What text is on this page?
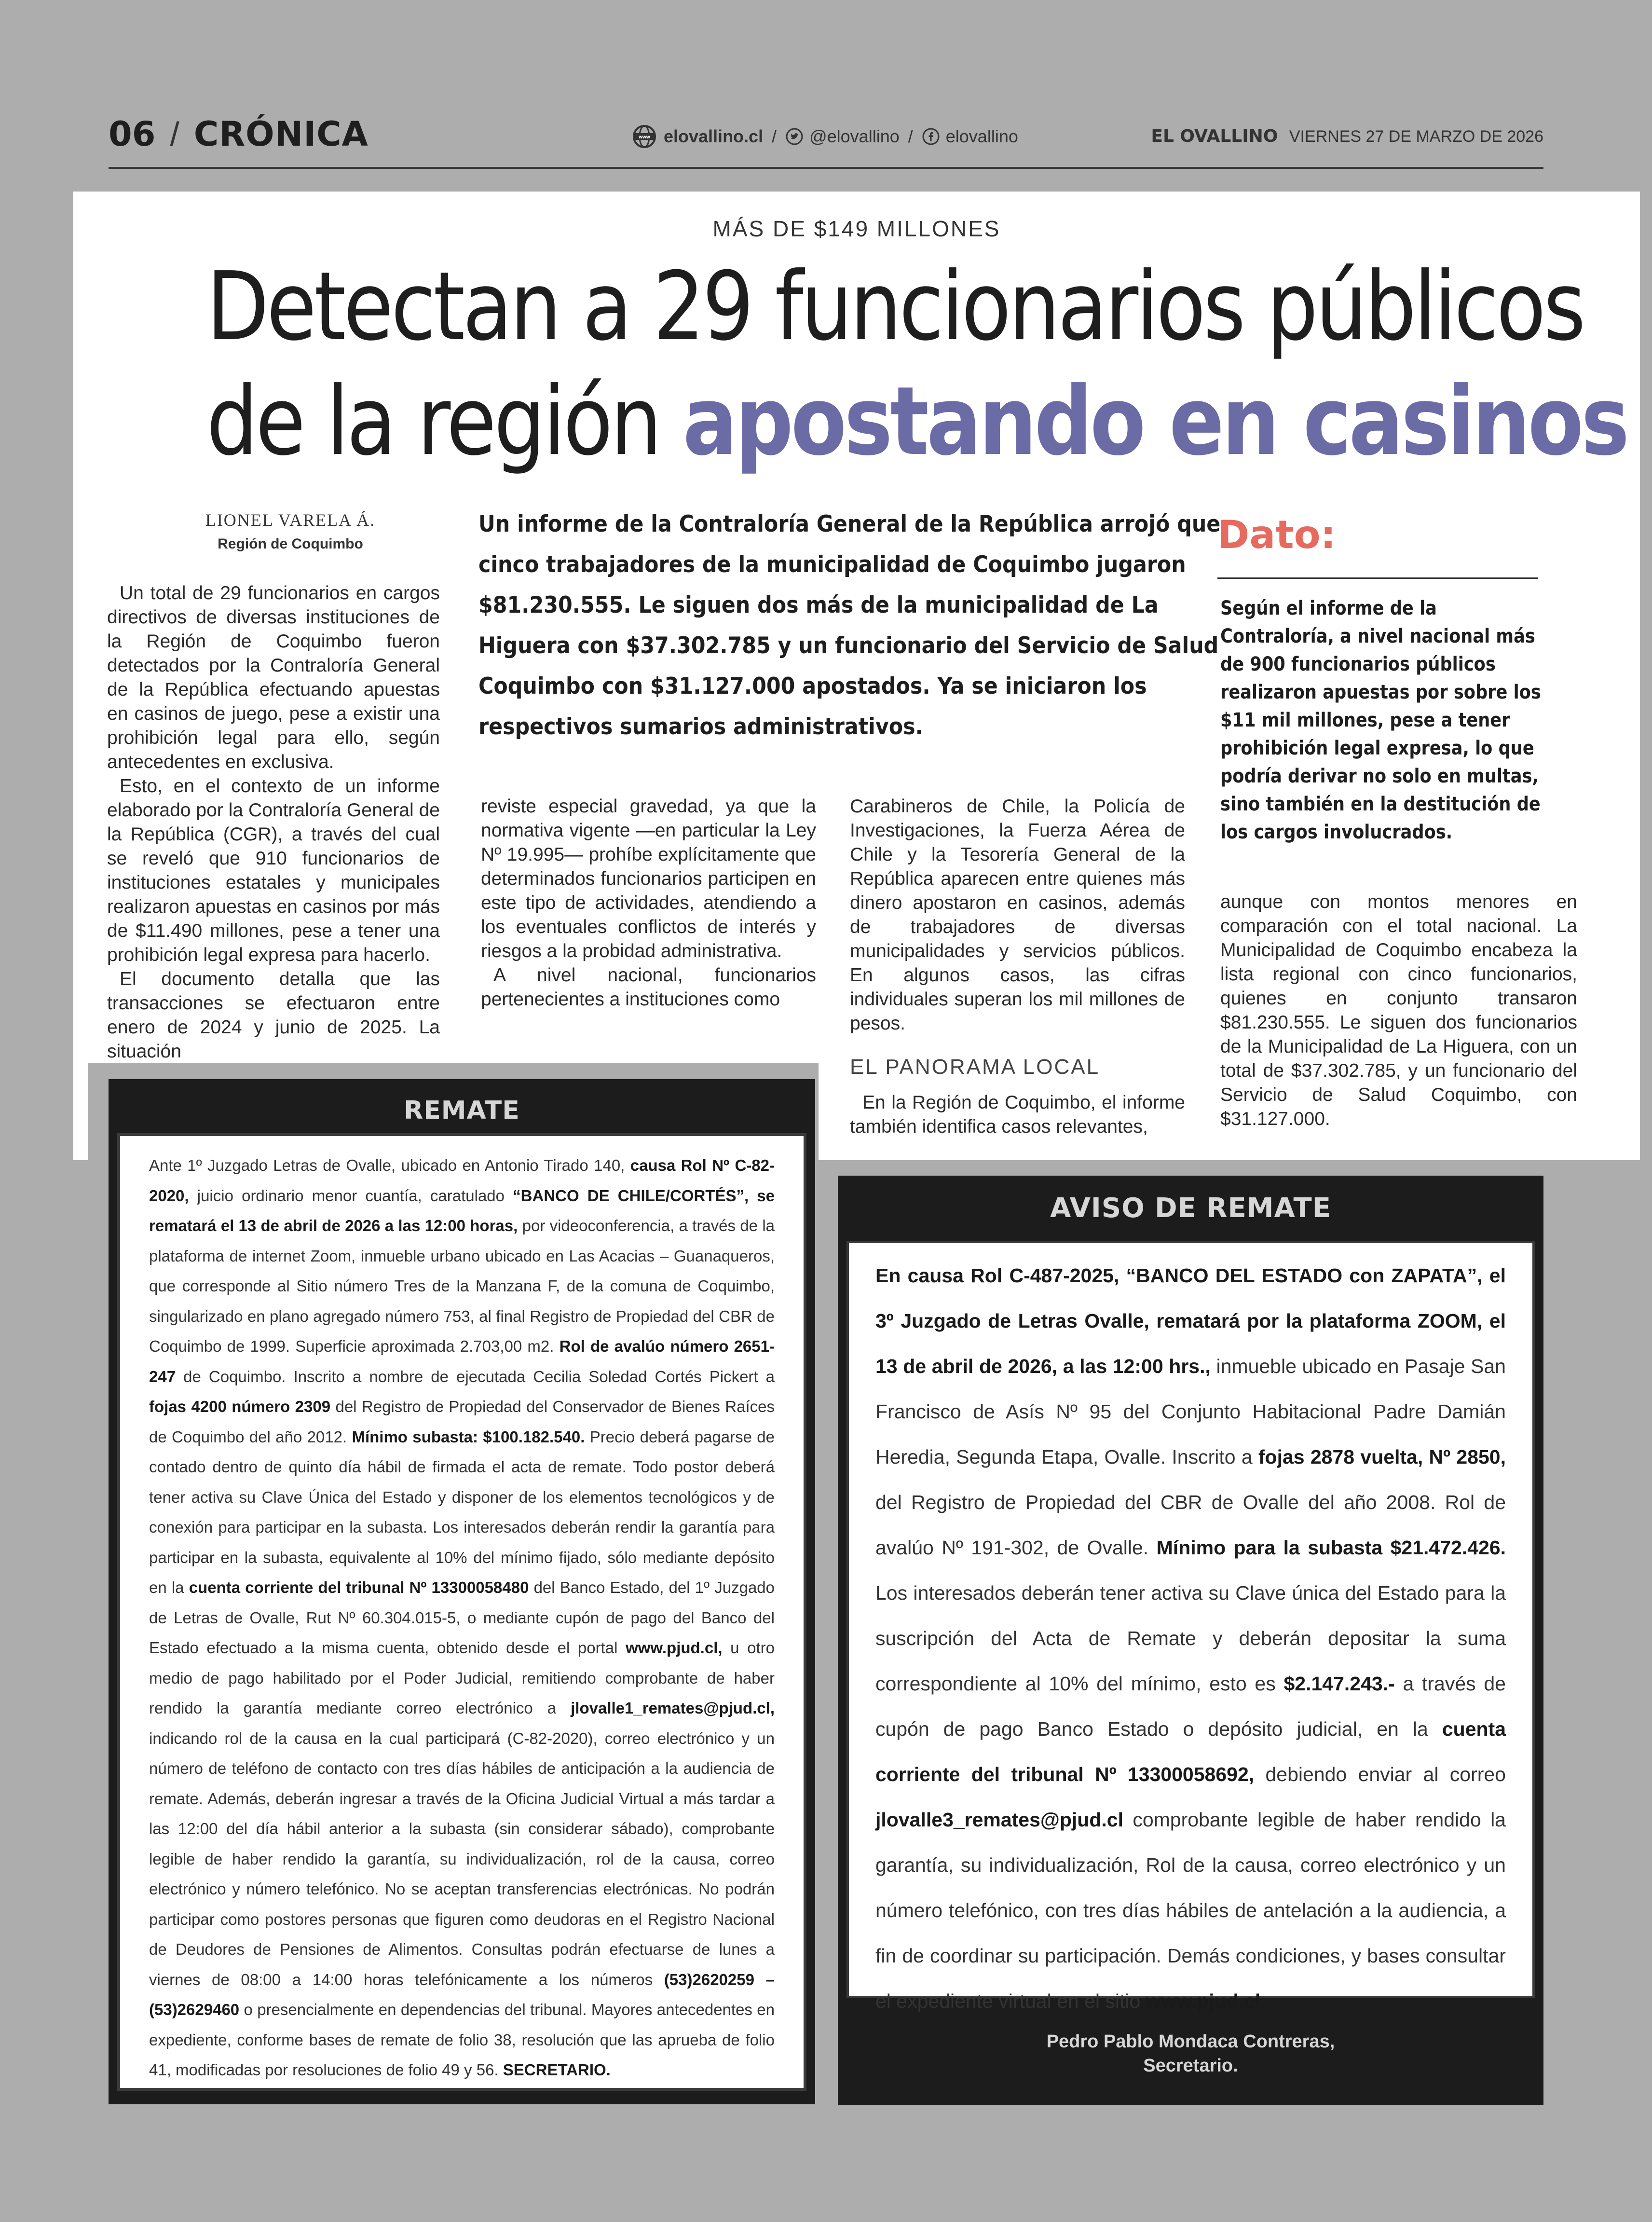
06 / CRÓNICA	www elovallino.cl / @elovallino / elovallino	EL OVALLINO VIERNES 27 DE MARZO DE 2026
MÁS DE $149 MILLONES
Detectan a 29 funcionarios públicos
de la región apostando en casinos
LIONEL VARELA Á.
Región de Coquimbo
Un informe de la Contraloría General de la República arrojó que cinco trabajadores de la municipalidad de Coquimbo jugaron $81.230.555. Le siguen dos más de la municipalidad de La Higuera con $37.302.785 y un funcionario del Servicio de Salud Coquimbo con $31.127.000 apostados. Ya se iniciaron los respectivos sumarios administrativos.

Un total de 29 funcionarios en cargos directivos de diversas instituciones de la Región de Coquimbo fueron detectados por la Contraloría General de la República efectuando apuestas en casinos de juego, pese a existir una prohibición legal para ello, según antecedentes en exclusiva.

Esto, en el contexto de un informe elaborado por la Contraloría General de la República (CGR), a través del cual se reveló que 910 funcionarios de instituciones estatales y municipales realizaron apuestas en casinos por más de $11.490 millones, pese a tener una prohibición legal expresa para hacerlo.

El documento detalla que las transacciones se efectuaron entre enero de 2024 y junio de 2025. La situación

reviste especial gravedad, ya que la normativa vigente —en particular la Ley Nº 19.995— prohíbe explícitamente que determinados funcionarios participen en este tipo de actividades, atendiendo a los eventuales conflictos de interés y riesgos a la probidad administrativa.

A nivel nacional, funcionarios pertenecientes a instituciones como

Carabineros de Chile, la Policía de Investigaciones, la Fuerza Aérea de Chile y la Tesorería General de la República aparecen entre quienes más dinero apostaron en casinos, además de trabajadores de diversas municipalidades y servicios públicos. En algunos casos, las cifras individuales superan los mil millones de pesos.

EL PANORAMA LOCAL

En la Región de Coquimbo, el informe también identifica casos relevantes,

aunque con montos menores en comparación con el total nacional. La Municipalidad de Coquimbo encabeza la lista regional con cinco funcionarios, quienes en conjunto transaron $81.230.555. Le siguen dos funcionarios de la Municipalidad de La Higuera, con un total de $37.302.785, y un funcionario del Servicio de Salud Coquimbo, con $31.127.000.

Dato:
Según el informe de la Contraloría, a nivel nacional más de 900 funcionarios públicos realizaron apuestas por sobre los $11 mil millones, pese a tener prohibición legal expresa, lo que podría derivar no solo en multas, sino también en la destitución de los cargos involucrados.
REMATE
Ante 1º Juzgado Letras de Ovalle, ubicado en Antonio Tirado 140, causa Rol Nº C-82-2020, juicio ordinario menor cuantía, caratulado “BANCO DE CHILE/CORTÉS”, se rematará el 13 de abril de 2026 a las 12:00 horas, por videoconferencia, a través de la plataforma de internet Zoom, inmueble urbano ubicado en Las Acacias – Guanaqueros, que corresponde al Sitio número Tres de la Manzana F, de la comuna de Coquimbo, singularizado en plano agregado número 753, al final Registro de Propiedad del CBR de Coquimbo de 1999. Superficie aproximada 2.703,00 m2. Rol de avalúo número 2651-247 de Coquimbo. Inscrito a nombre de ejecutada Cecilia Soledad Cortés Pickert a fojas 4200 número 2309 del Registro de Propiedad del Conservador de Bienes Raíces de Coquimbo del año 2012. Mínimo subasta: $100.182.540. Precio deberá pagarse de contado dentro de quinto día hábil de firmada el acta de remate. Todo postor deberá tener activa su Clave Única del Estado y disponer de los elementos tecnológicos y de conexión para participar en la subasta. Los interesados deberán rendir la garantía para participar en la subasta, equivalente al 10% del mínimo fijado, sólo mediante depósito en la cuenta corriente del tribunal Nº 13300058480 del Banco Estado, del 1º Juzgado de Letras de Ovalle, Rut Nº 60.304.015-5, o mediante cupón de pago del Banco del Estado efectuado a la misma cuenta, obtenido desde el portal www.pjud.cl, u otro medio de pago habilitado por el Poder Judicial, remitiendo comprobante de haber rendido la garantía mediante correo electrónico a jlovalle1_remates@pjud.cl, indicando rol de la causa en la cual participará (C-82-2020), correo electrónico y un número de teléfono de contacto con tres días hábiles de anticipación a la audiencia de remate. Además, deberán ingresar a través de la Oficina Judicial Virtual a más tardar a las 12:00 del día hábil anterior a la subasta (sin considerar sábado), comprobante legible de haber rendido la garantía, su individualización, rol de la causa, correo electrónico y número telefónico. No se aceptan transferencias electrónicas. No podrán participar como postores personas que figuren como deudoras en el Registro Nacional de Deudores de Pensiones de Alimentos. Consultas podrán efectuarse de lunes a viernes de 08:00 a 14:00 horas telefónicamente a los números (53)2620259 – (53)2629460 o presencialmente en dependencias del tribunal. Mayores antecedentes en expediente, conforme bases de remate de folio 38, resolución que las aprueba de folio 41, modificadas por resoluciones de folio 49 y 56. SECRETARIO.
AVISO DE REMATE
En causa Rol C-487-2025, “BANCO DEL ESTADO con ZAPATA”, el 3º Juzgado de Letras Ovalle, rematará por la plataforma ZOOM, el 13 de abril de 2026, a las 12:00 hrs., inmueble ubicado en Pasaje San Francisco de Asís Nº 95 del Conjunto Habitacional Padre Damián Heredia, Segunda Etapa, Ovalle. Inscrito a fojas 2878 vuelta, Nº 2850, del Registro de Propiedad del CBR de Ovalle del año 2008. Rol de avalúo Nº 191-302, de Ovalle. Mínimo para la subasta $21.472.426. Los interesados deberán tener activa su Clave única del Estado para la suscripción del Acta de Remate y deberán depositar la suma correspondiente al 10% del mínimo, esto es $2.147.243.- a través de cupón de pago Banco Estado o depósito judicial, en la cuenta corriente del tribunal Nº 13300058692, debiendo enviar al correo jlovalle3_remates@pjud.cl comprobante legible de haber rendido la garantía, su individualización, Rol de la causa, correo electrónico y un número telefónico, con tres días hábiles de antelación a la audiencia, a fin de coordinar su participación. Demás condiciones, y bases consultar el expediente virtual en el sitio www.pjud.cl.
Pedro Pablo Mondaca Contreras,
Secretario.
